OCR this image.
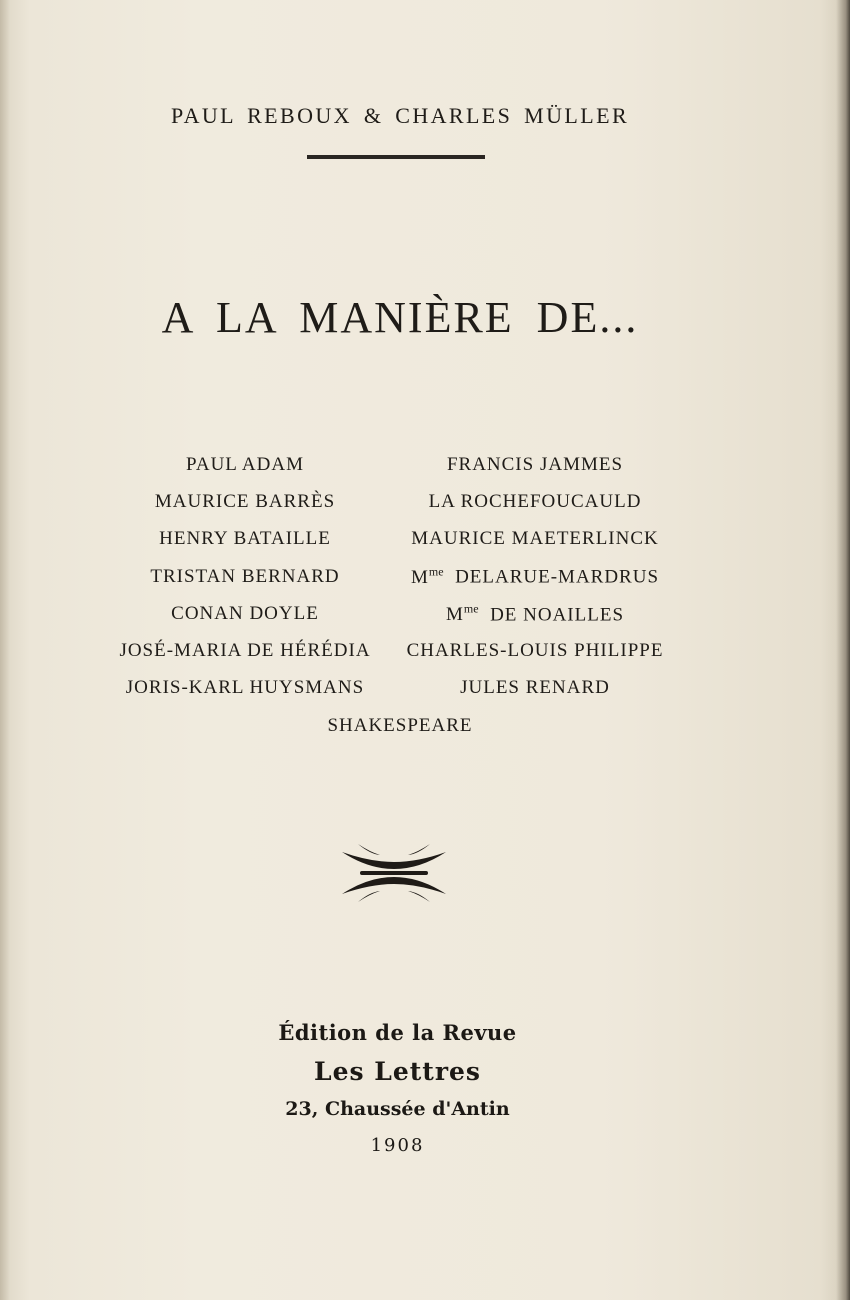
PAUL REBOUX & CHARLES MÜLLER
A LA MANIÈRE DE...
PAUL ADAM	FRANCIS JAMMES
MAURICE BARRÈS	LA ROCHEFOUCAULD
HENRY BATAILLE	MAURICE MAETERLINCK
TRISTAN BERNARD	$M^{me}$ DELARUE-MARDRUS
CONAN DOYLE	$M^{me}$ DE NOAILLES
JOSÉ-MARIA DE HÉRÉDIA	CHARLES-LOUIS PHILIPPE
JORIS-KARL HUYSMANS	JULES RENARD
SHAKESPEARE
Édition de la Revue
Les Lettres
23, Chaussée d'Antin
1908
